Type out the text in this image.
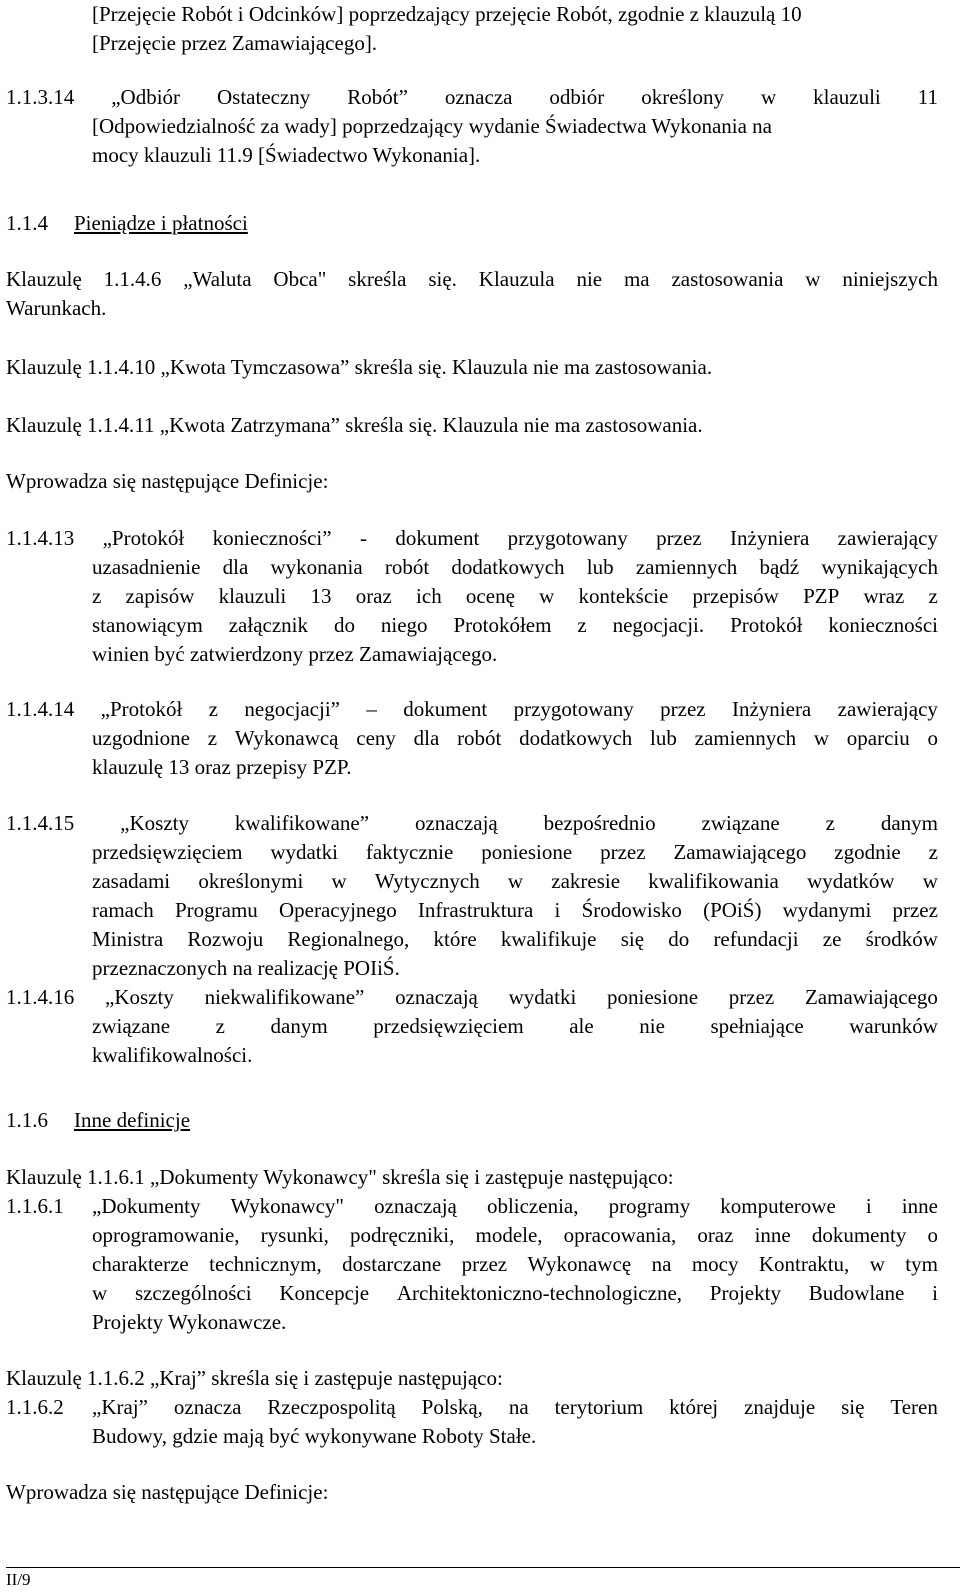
[Przejęcie Robót i Odcinków] poprzedzający przejęcie Robót, zgodnie z klauzulą 10
[Przejęcie przez Zamawiającego].
1.1.3.14 „Odbiór Ostateczny Robót” oznacza odbiór określony w klauzuli 11
[Odpowiedzialność za wady] poprzedzający wydanie Świadectwa Wykonania na
mocy klauzuli 11.9 [Świadectwo Wykonania].
1.1.4 Pieniądze i płatności
Klauzulę 1.1.4.6 „Waluta Obca" skreśla się. Klauzula nie ma zastosowania w niniejszych
Warunkach.
Klauzulę 1.1.4.10 „Kwota Tymczasowa” skreśla się. Klauzula nie ma zastosowania.
Klauzulę 1.1.4.11 „Kwota Zatrzymana” skreśla się. Klauzula nie ma zastosowania.
Wprowadza się następujące Definicje:
1.1.4.13 „Protokół konieczności” - dokument przygotowany przez Inżyniera zawierający
uzasadnienie dla wykonania robót dodatkowych lub zamiennych bądź wynikających
z zapisów klauzuli 13 oraz ich ocenę w kontekście przepisów PZP wraz z
stanowiącym załącznik do niego Protokółem z negocjacji. Protokół konieczności
winien być zatwierdzony przez Zamawiającego.
1.1.4.14 „Protokół z negocjacji” – dokument przygotowany przez Inżyniera zawierający
uzgodnione z Wykonawcą ceny dla robót dodatkowych lub zamiennych w oparciu o
klauzulę 13 oraz przepisy PZP.
1.1.4.15 „Koszty kwalifikowane” oznaczają bezpośrednio związane z danym
przedsięwzięciem wydatki faktycznie poniesione przez Zamawiającego zgodnie z
zasadami określonymi w Wytycznych w zakresie kwalifikowania wydatków w
ramach Programu Operacyjnego Infrastruktura i Środowisko (POiŚ) wydanymi przez
Ministra Rozwoju Regionalnego, które kwalifikuje się do refundacji ze środków
przeznaczonych na realizację POIiŚ.
1.1.4.16 „Koszty niekwalifikowane” oznaczają wydatki poniesione przez Zamawiającego
związane z danym przedsięwzięciem ale nie spełniające warunków
kwalifikowalności.
1.1.6 Inne definicje
Klauzulę 1.1.6.1 „Dokumenty Wykonawcy" skreśla się i zastępuje następująco:
1.1.6.1 „Dokumenty Wykonawcy" oznaczają obliczenia, programy komputerowe i inne
oprogramowanie, rysunki, podręczniki, modele, opracowania, oraz inne dokumenty o
charakterze technicznym, dostarczane przez Wykonawcę na mocy Kontraktu, w tym
w szczególności Koncepcje Architektoniczno-technologiczne, Projekty Budowlane i
Projekty Wykonawcze.
Klauzulę 1.1.6.2 „Kraj” skreśla się i zastępuje następująco:
1.1.6.2 „Kraj” oznacza Rzeczpospolitą Polską, na terytorium której znajduje się Teren
Budowy, gdzie mają być wykonywane Roboty Stałe.
Wprowadza się następujące Definicje:
II/9
